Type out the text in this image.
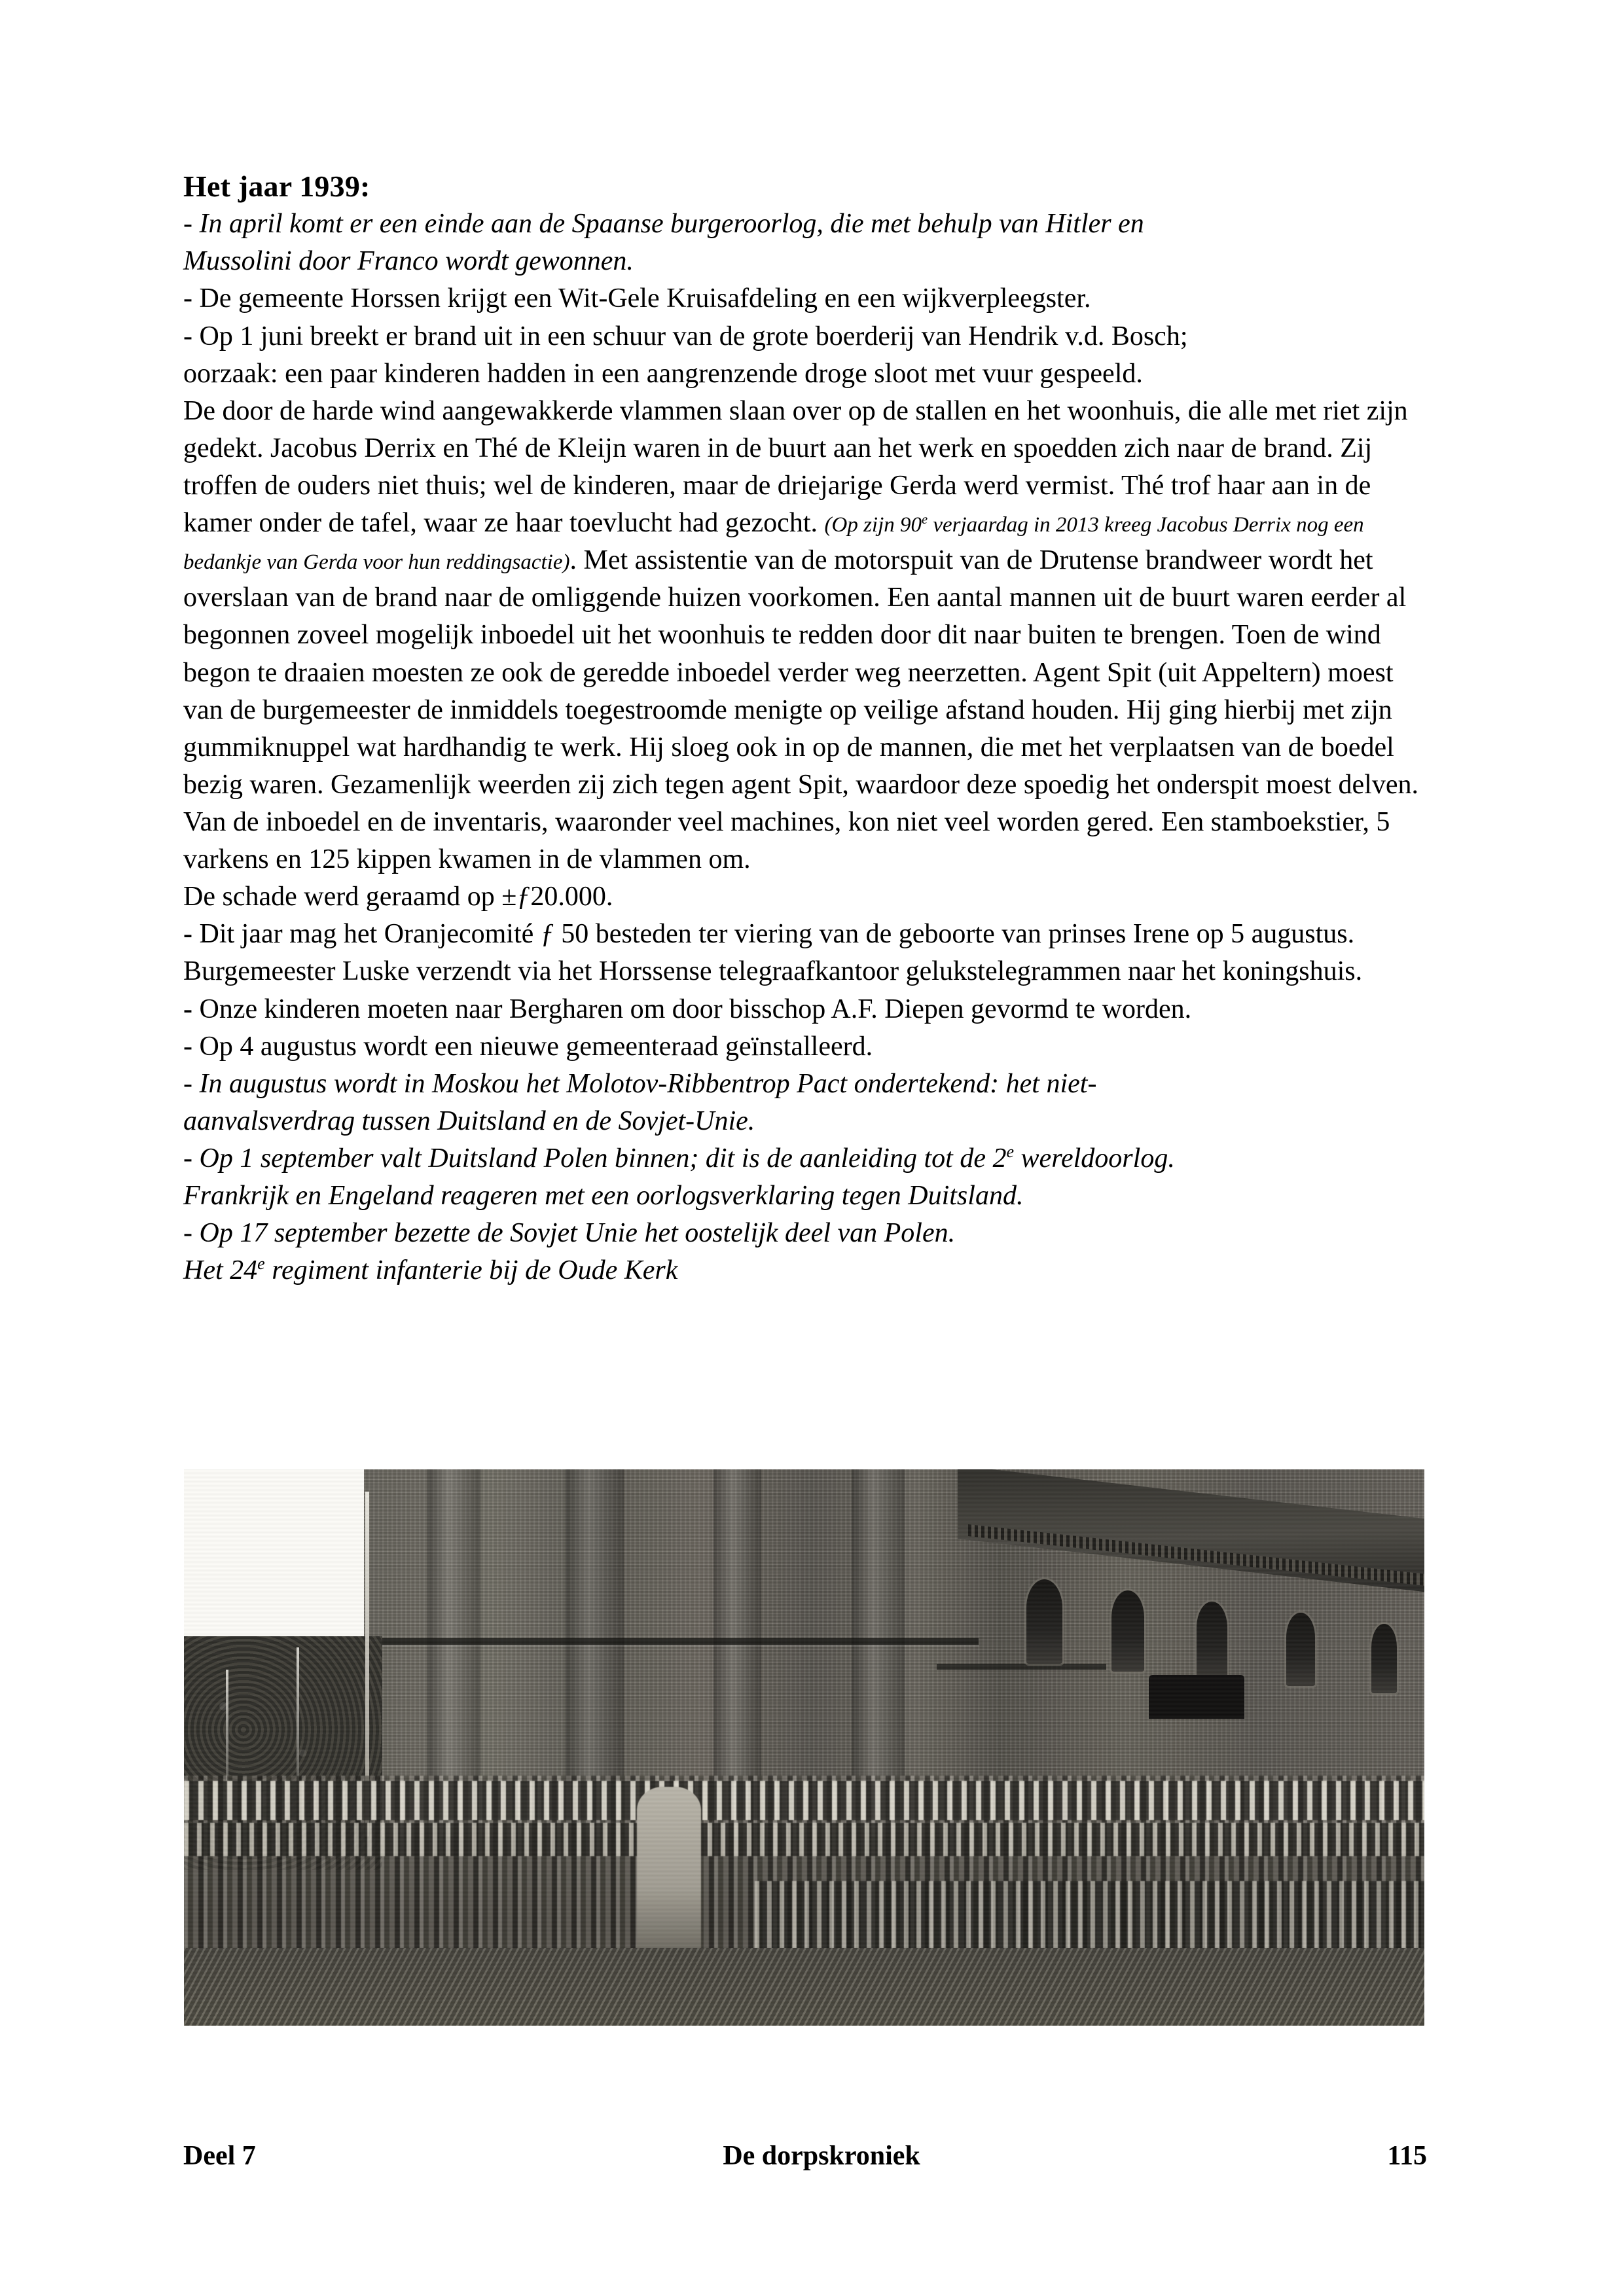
Het jaar 1939:

- In april komt er een einde aan de Spaanse burgeroorlog, die met behulp van Hitler en
Mussolini door Franco wordt gewonnen.

- De gemeente Horssen krijgt een Wit-Gele Kruisafdeling en een wijkverpleegster.

- Op 1 juni breekt er brand uit in een schuur van de grote boerderij van Hendrik v.d. Bosch;
oorzaak: een paar kinderen hadden in een aangrenzende droge sloot met vuur gespeeld.

De door de harde wind aangewakkerde vlammen slaan over op de stallen en het woonhuis, die alle met riet zijn gedekt. Jacobus Derrix en Thé de Kleijn waren in de buurt aan het werk en spoedden zich naar de brand. Zij troffen de ouders niet thuis; wel de kinderen, maar de driejarige Gerda werd vermist. Thé trof haar aan in de kamer onder de tafel, waar ze haar toevlucht had gezocht. (Op zijn 90e verjaardag in 2013 kreeg Jacobus Derrix nog een bedankje van Gerda voor hun reddingsactie). Met assistentie van de motorspuit van de Drutense brandweer wordt het overslaan van de brand naar de omliggende huizen voorkomen. Een aantal mannen uit de buurt waren eerder al begonnen zoveel mogelijk inboedel uit het woonhuis te redden door dit naar buiten te brengen. Toen de wind begon te draaien moesten ze ook de geredde inboedel verder weg neerzetten. Agent Spit (uit Appeltern) moest van de burgemeester de inmiddels toegestroomde menigte op veilige afstand houden. Hij ging hierbij met zijn gummiknuppel wat hardhandig te werk. Hij sloeg ook in op de mannen, die met het verplaatsen van de boedel bezig waren. Gezamenlijk weerden zij zich tegen agent Spit, waardoor deze spoedig het onderspit moest delven. Van de inboedel en de inventaris, waaronder veel machines, kon niet veel worden gered. Een stamboekstier, 5 varkens en 125 kippen kwamen in de vlammen om.

De schade werd geraamd op ±ƒ20.000.

- Dit jaar mag het Oranjecomité ƒ 50 besteden ter viering van de geboorte van prinses Irene op 5 augustus. Burgemeester Luske verzendt via het Horssense telegraafkantoor gelukstelegrammen naar het koningshuis.

- Onze kinderen moeten naar Bergharen om door bisschop A.F. Diepen gevormd te worden.

- Op 4 augustus wordt een nieuwe gemeenteraad geïnstalleerd.

- In augustus wordt in Moskou het Molotov-Ribbentrop Pact ondertekend: het niet-
aanvalsverdrag tussen Duitsland en de Sovjet-Unie.

- Op 1 september valt Duitsland Polen binnen; dit is de aanleiding tot de 2e wereldoorlog.
Frankrijk en Engeland reageren met een oorlogsverklaring tegen Duitsland.

- Op 17 september bezette de Sovjet Unie het oostelijk deel van Polen.

Het 24e regiment infanterie bij de Oude Kerk

Deel 7	De dorpskroniek	115
